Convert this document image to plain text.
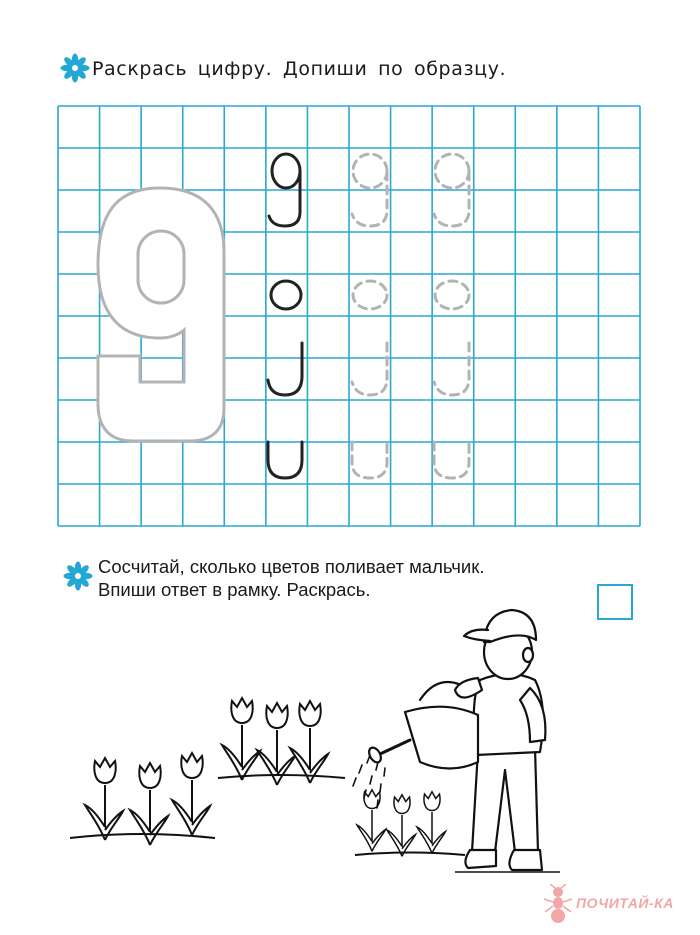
Раскрась цифру. Допиши по образцу.

Сосчитай, сколько цветов поливает мальчик.
Впиши ответ в рамку. Раскрась.
ПОЧИТАЙ-КА
